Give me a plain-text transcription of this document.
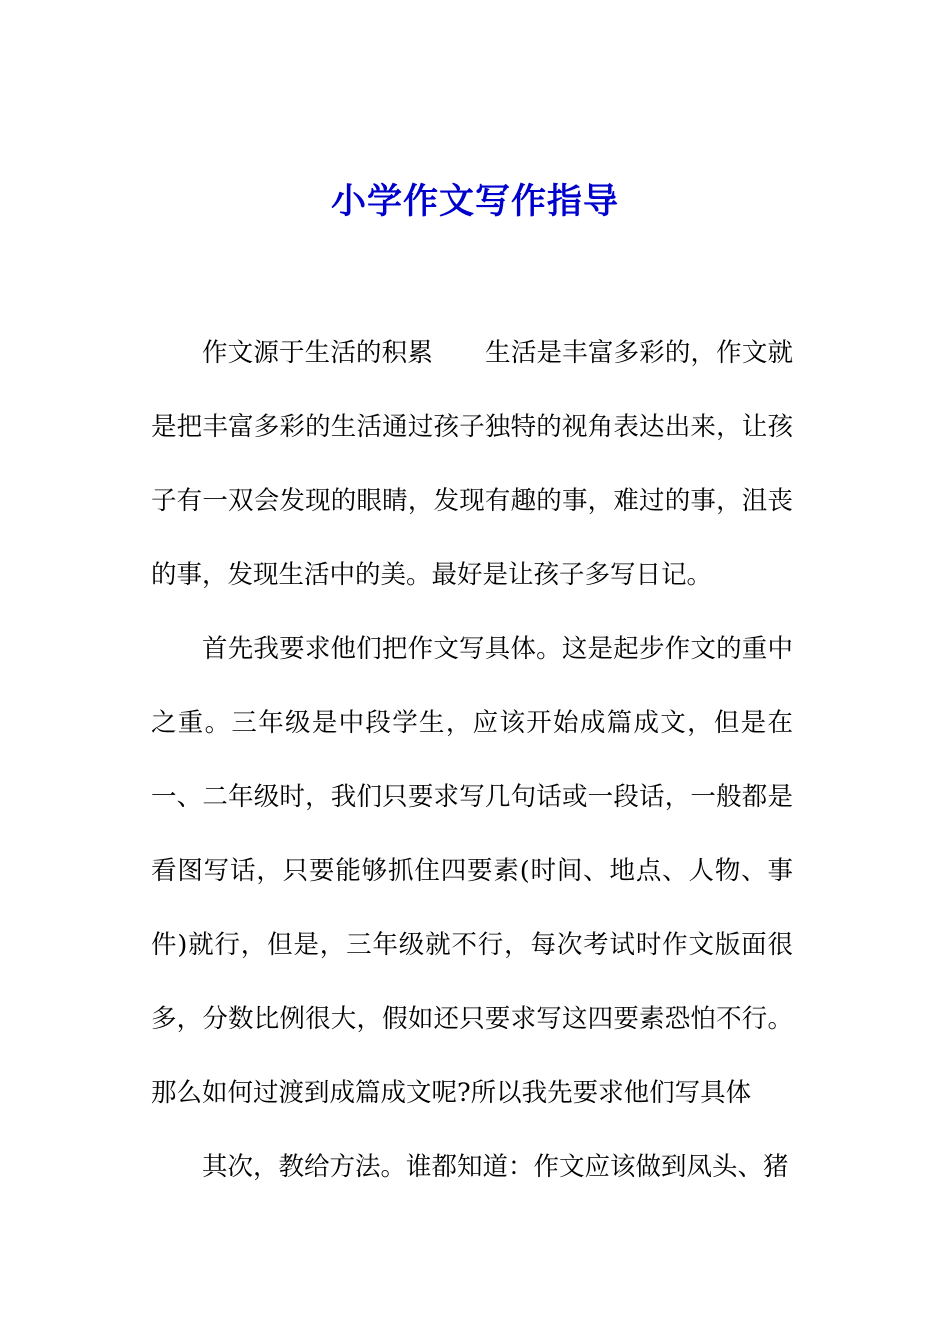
小学作文写作指导

作文源于生活的积累 生活是丰富多彩的，作文就是把丰富多彩的生活通过孩子独特的视角表达出来，让孩子有一双会发现的眼睛，发现有趣的事，难过的事，沮丧的事，发现生活中的美。最好是让孩子多写日记。

首先我要求他们把作文写具体。这是起步作文的重中之重。三年级是中段学生，应该开始成篇成文，但是在一、二年级时，我们只要求写几句话或一段话，一般都是看图写话，只要能够抓住四要素(时间、地点、人物、事件)就行，但是，三年级就不行，每次考试时作文版面很多，分数比例很大，假如还只要求写这四要素恐怕不行。那么如何过渡到成篇成文呢?所以我先要求他们写具体

其次，教给方法。谁都知道：作文应该做到凤头、猪
